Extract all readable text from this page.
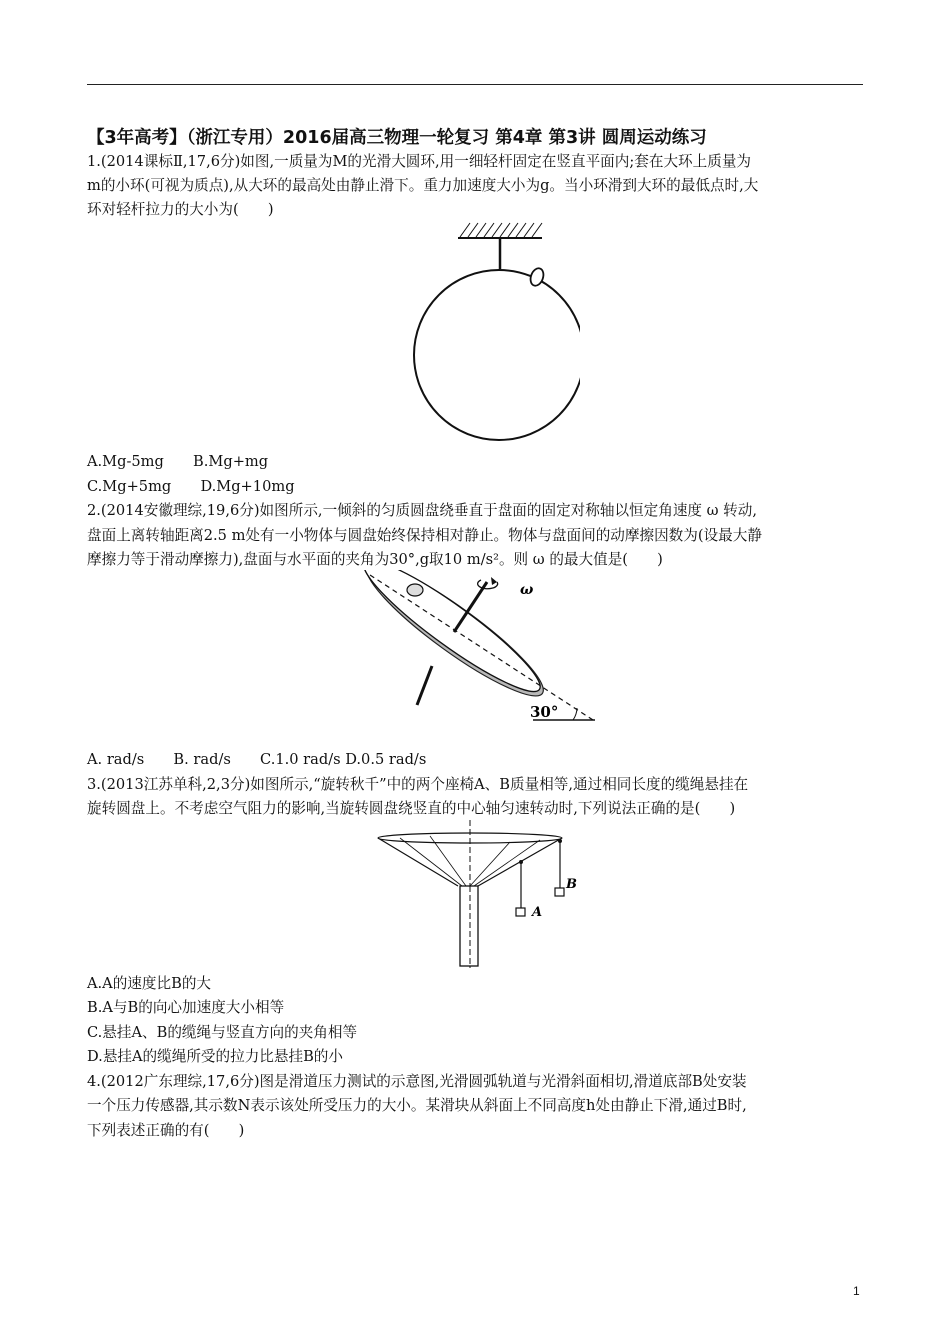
【3年高考】（浙江专用）2016届高三物理一轮复习 第4章 第3讲 圆周运动练习
1.(2014课标Ⅱ,17,6分)如图,一质量为M的光滑大圆环,用一细轻杆固定在竖直平面内;套在大环上质量为
m的小环(可视为质点),从大环的最高处由静止滑下。重力加速度大小为g。当小环滑到大环的最低点时,大
环对轻杆拉力的大小为(　　)
A.Mg-5mg　　B.Mg+mg
C.Mg+5mg　　D.Mg+10mg
2.(2014安徽理综,19,6分)如图所示,一倾斜的匀质圆盘绕垂直于盘面的固定对称轴以恒定角速度 ω 转动,
盘面上离转轴距离2.5 m处有一小物体与圆盘始终保持相对静止。物体与盘面间的动摩擦因数为(设最大静
摩擦力等于滑动摩擦力),盘面与水平面的夹角为30°,g取10 m/s²。则 ω 的最大值是(　　)
ω
30°
A. rad/s　　B. rad/s　　C.1.0 rad/s D.0.5 rad/s
3.(2013江苏单科,2,3分)如图所示,“旋转秋千”中的两个座椅A、B质量相等,通过相同长度的缆绳悬挂在
旋转圆盘上。不考虑空气阻力的影响,当旋转圆盘绕竖直的中心轴匀速转动时,下列说法正确的是(　　)
A
B
A.A的速度比B的大
B.A与B的向心加速度大小相等
C.悬挂A、B的缆绳与竖直方向的夹角相等
D.悬挂A的缆绳所受的拉力比悬挂B的小
4.(2012广东理综,17,6分)图是滑道压力测试的示意图,光滑圆弧轨道与光滑斜面相切,滑道底部B处安装
一个压力传感器,其示数N表示该处所受压力的大小。某滑块从斜面上不同高度h处由静止下滑,通过B时,
下列表述正确的有(　　)
1
